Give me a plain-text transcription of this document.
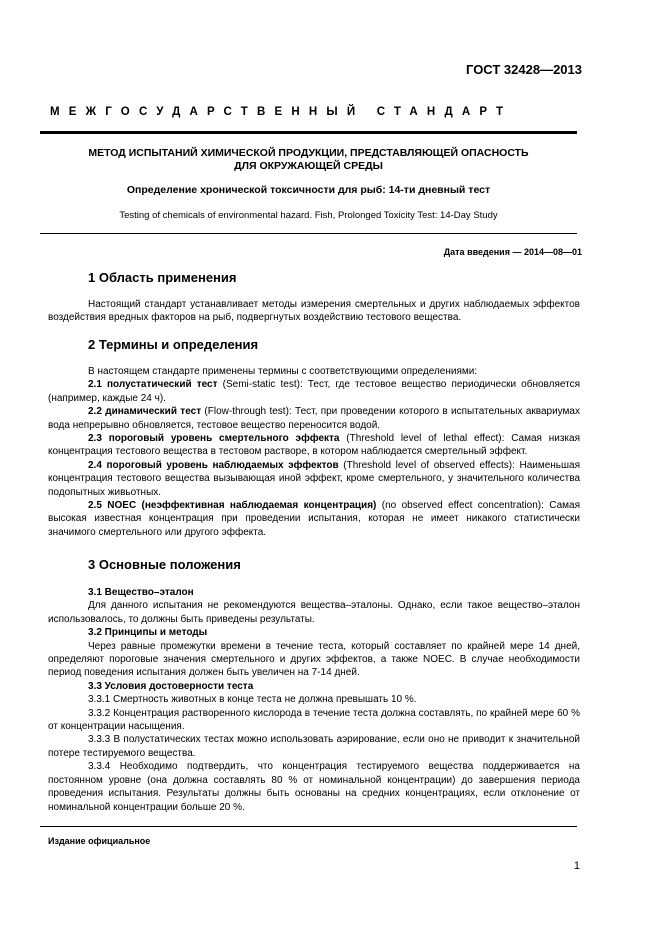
ГОСТ 32428—2013
МЕЖГОСУДАРСТВЕННЫЙ СТАНДАРТ
МЕТОД ИСПЫТАНИЙ ХИМИЧЕСКОЙ ПРОДУКЦИИ, ПРЕДСТАВЛЯЮЩЕЙ ОПАСНОСТЬ
ДЛЯ ОКРУЖАЮЩЕЙ СРЕДЫ
Определение хронической токсичности для рыб: 14-ти дневный тест
Testing of chemicals of environmental hazard. Fish, Prolonged Toxicity Test: 14-Day Study
Дата введения — 2014—08—01
1 Область применения
Настоящий стандарт устанавливает методы измерения смертельных и других наблюдаемых эффектов воздействия вредных факторов на рыб, подвергнутых воздействию тестового вещества.
2 Термины и определения
В настоящем стандарте применены термины с соответствующими определениями:
2.1 полустатический тест (Semi-static test): Тест, где тестовое вещество периодически обновляется (например, каждые 24 ч).
2.2 динамический тест (Flow-through test): Тест, при проведении которого в испытательных аквариумах вода непрерывно обновляется, тестовое вещество переносится водой.
2.3 пороговый уровень смертельного эффекта (Threshold level of lethal effect): Самая низкая концентрация тестового вещества в тестовом растворе, в котором наблюдается смертельный эффект.
2.4 пороговый уровень наблюдаемых эффектов (Threshold level of observed effects): Наименьшая концентрация тестового вещества вызывающая иной эффект, кроме смертельного, у значительного количества подопытных живьотных.
2.5 NOEC (неэффективная наблюдаемая концентрация) (no observed effect concentration): Самая высокая известная концентрация при проведении испытания, которая не имеет никакого статистически значимого смертельного или другого эффекта.
3 Основные положения
3.1 Вещество–эталон
Для данного испытания не рекомендуются вещества–эталоны. Однако, если такое вещество–эталон использовалось, то должны быть приведены результаты.
3.2 Принципы и методы
Через равные промежутки времени в течение теста, который составляет по крайней мере 14 дней, определяют пороговые значения смертельного и других эффектов, а также NOEC. В случае необходимости период поведения испытания должен быть увеличен на 7-14 дней.
3.3 Условия достоверности теста
3.3.1 Смертность животных в конце теста не должна превышать 10 %.
3.3.2 Концентрация растворенного кислорода в течение теста должна составлять, по крайней мере 60 % от концентрации насыщения.
3.3.3 В полустатических тестах можно использовать аэрирование, если оно не приводит к значительной потере тестируемого вещества.
3.3.4 Необходимо подтвердить, что концентрация тестируемого вещества поддерживается на постоянном уровне (она должна составлять 80 % от номинальной концентрации) до завершения периода проведения испытания. Результаты должны быть основаны на средних концентрациях, если отклонение от номинальной концентрации больше 20 %.
Издание официальное
1
